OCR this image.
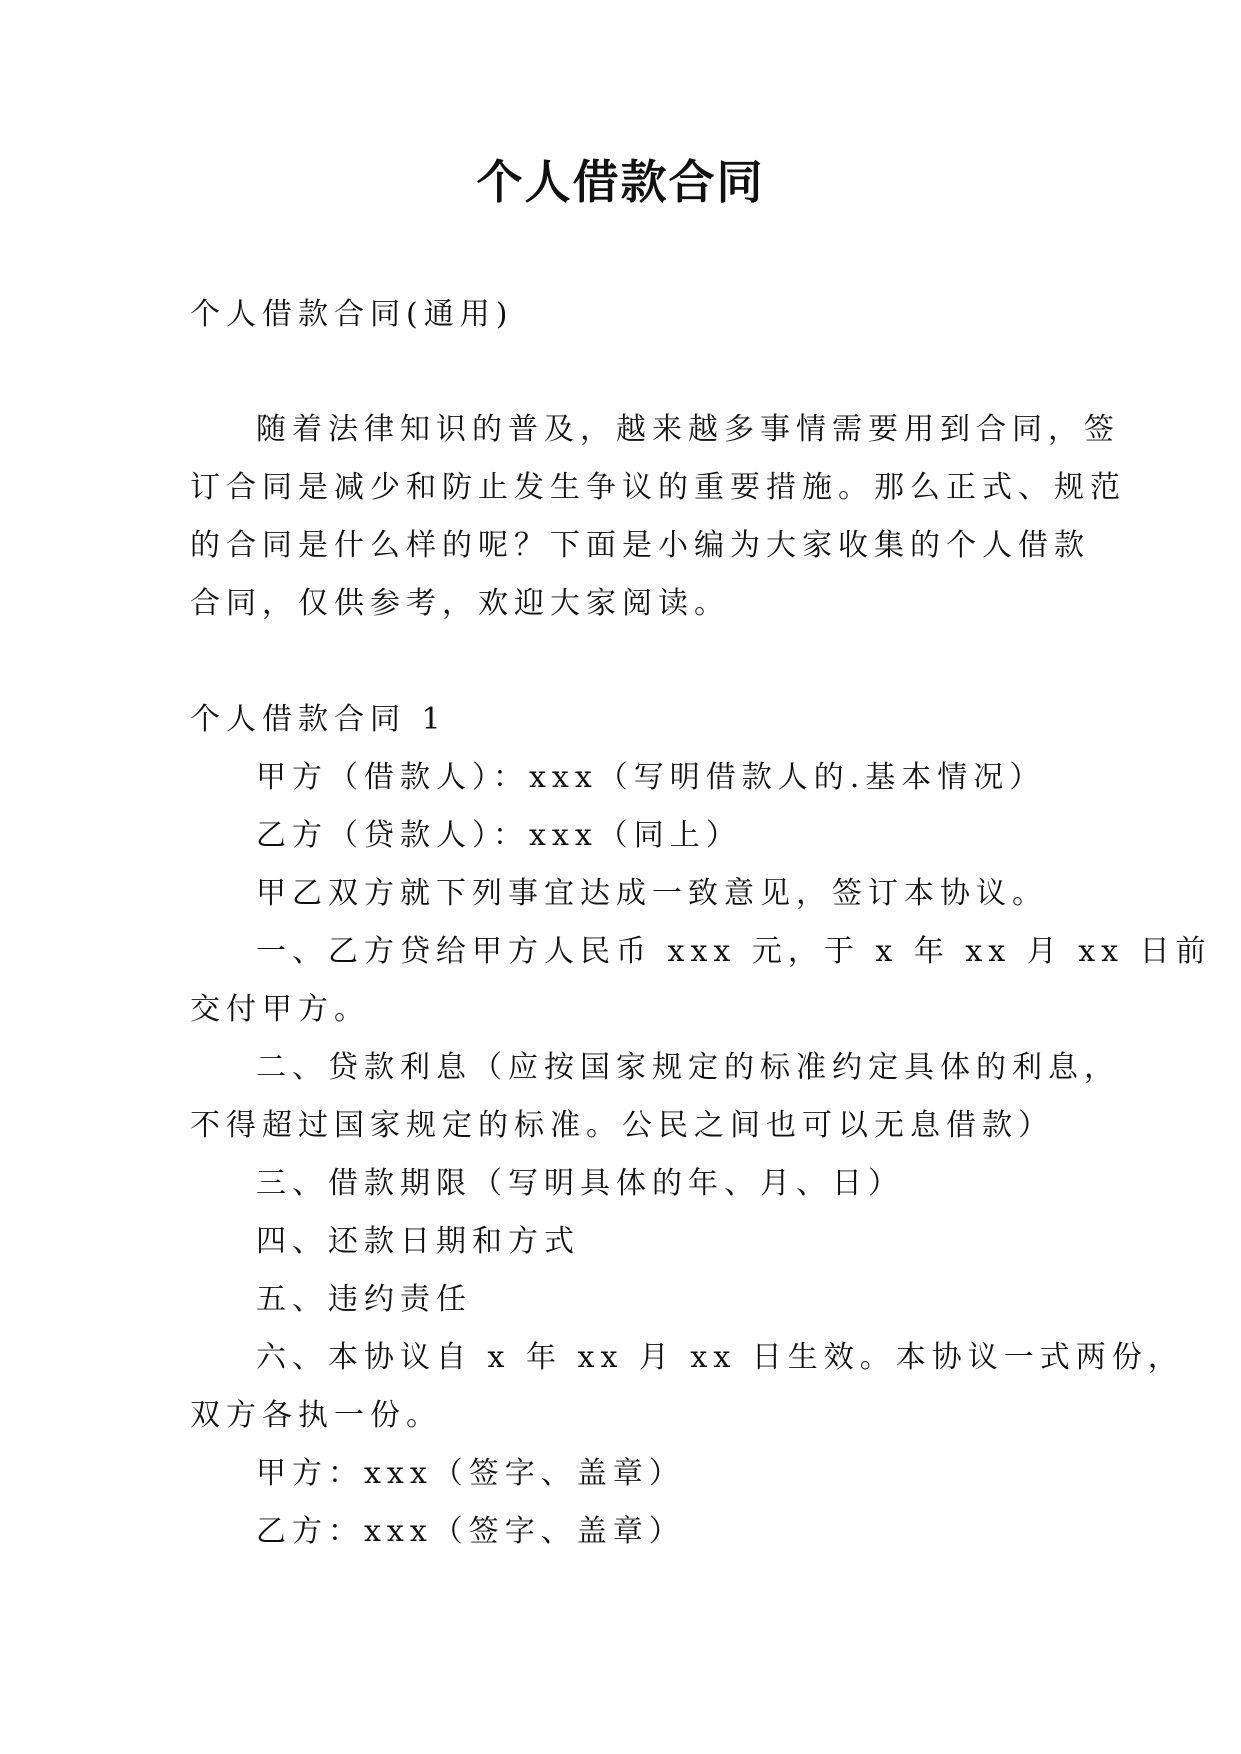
个人借款合同
个人借款合同(通用)
随着法律知识的普及，越来越多事情需要用到合同，签
订合同是减少和防止发生争议的重要措施。那么正式、规范
的合同是什么样的呢？下面是小编为大家收集的个人借款
合同，仅供参考，欢迎大家阅读。
个人借款合同 1
甲方（借款人）：xxx（写明借款人的.基本情况）
乙方（贷款人）：xxx（同上）
甲乙双方就下列事宜达成一致意见，签订本协议。
一、乙方贷给甲方人民币 xxx 元，于 x 年 xx 月 xx 日前
交付甲方。
二、贷款利息（应按国家规定的标准约定具体的利息，
不得超过国家规定的标准。公民之间也可以无息借款）
三、借款期限（写明具体的年、月、日）
四、还款日期和方式
五、违约责任
六、本协议自 x 年 xx 月 xx 日生效。本协议一式两份，
双方各执一份。
甲方：xxx（签字、盖章）
乙方：xxx（签字、盖章）
